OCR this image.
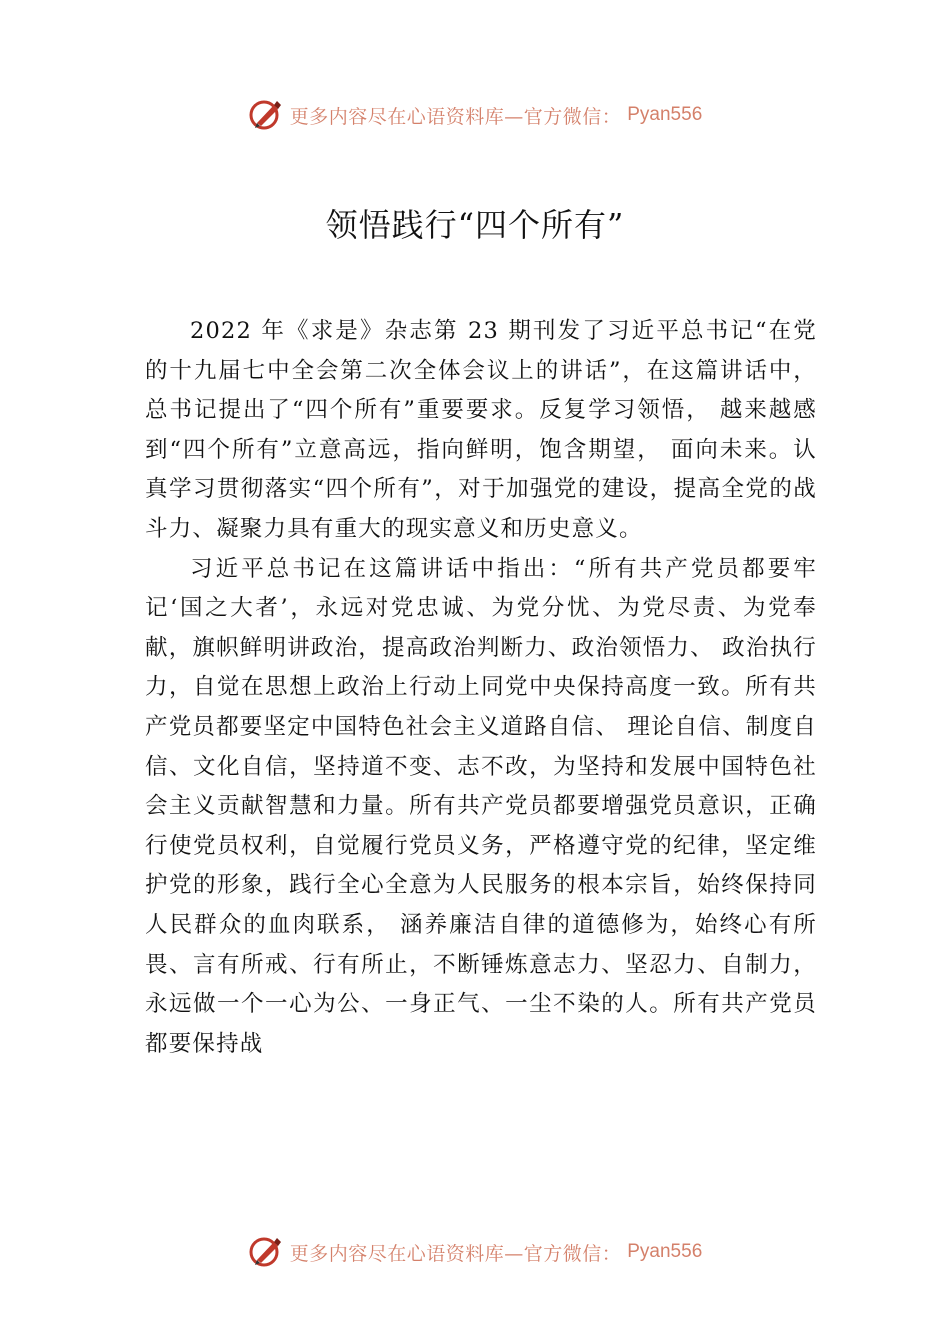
更多内容尽在心语资料库—官方微信： Pyan556
领悟践行“四个所有”

2022 年《求是》杂志第 23 期刊发了习近平总书记“在党的十九届七中全会第二次全体会议上的讲话”，在这篇讲话中，总书记提出了“四个所有”重要要求。反复学习领悟， 越来越感到“四个所有”立意高远，指向鲜明，饱含期望， 面向未来。认真学习贯彻落实“四个所有”，对于加强党的建设，提高全党的战斗力、凝聚力具有重大的现实意义和历史意义。

习近平总书记在这篇讲话中指出：“所有共产党员都要牢记‘国之大者’，永远对党忠诚、为党分忧、为党尽责、为党奉献，旗帜鲜明讲政治，提高政治判断力、政治领悟力、 政治执行力，自觉在思想上政治上行动上同党中央保持高度一致。所有共产党员都要坚定中国特色社会主义道路自信、 理论自信、制度自信、文化自信，坚持道不变、志不改，为坚持和发展中国特色社会主义贡献智慧和力量。所有共产党员都要增强党员意识，正确行使党员权利，自觉履行党员义务，严格遵守党的纪律，坚定维护党的形象，践行全心全意为人民服务的根本宗旨，始终保持同人民群众的血肉联系， 涵养廉洁自律的道德修为，始终心有所畏、言有所戒、行有所止，不断锤炼意志力、坚忍力、自制力，永远做一个一心为公、一身正气、一尘不染的人。所有共产党员都要保持战

更多内容尽在心语资料库—官方微信： Pyan556
